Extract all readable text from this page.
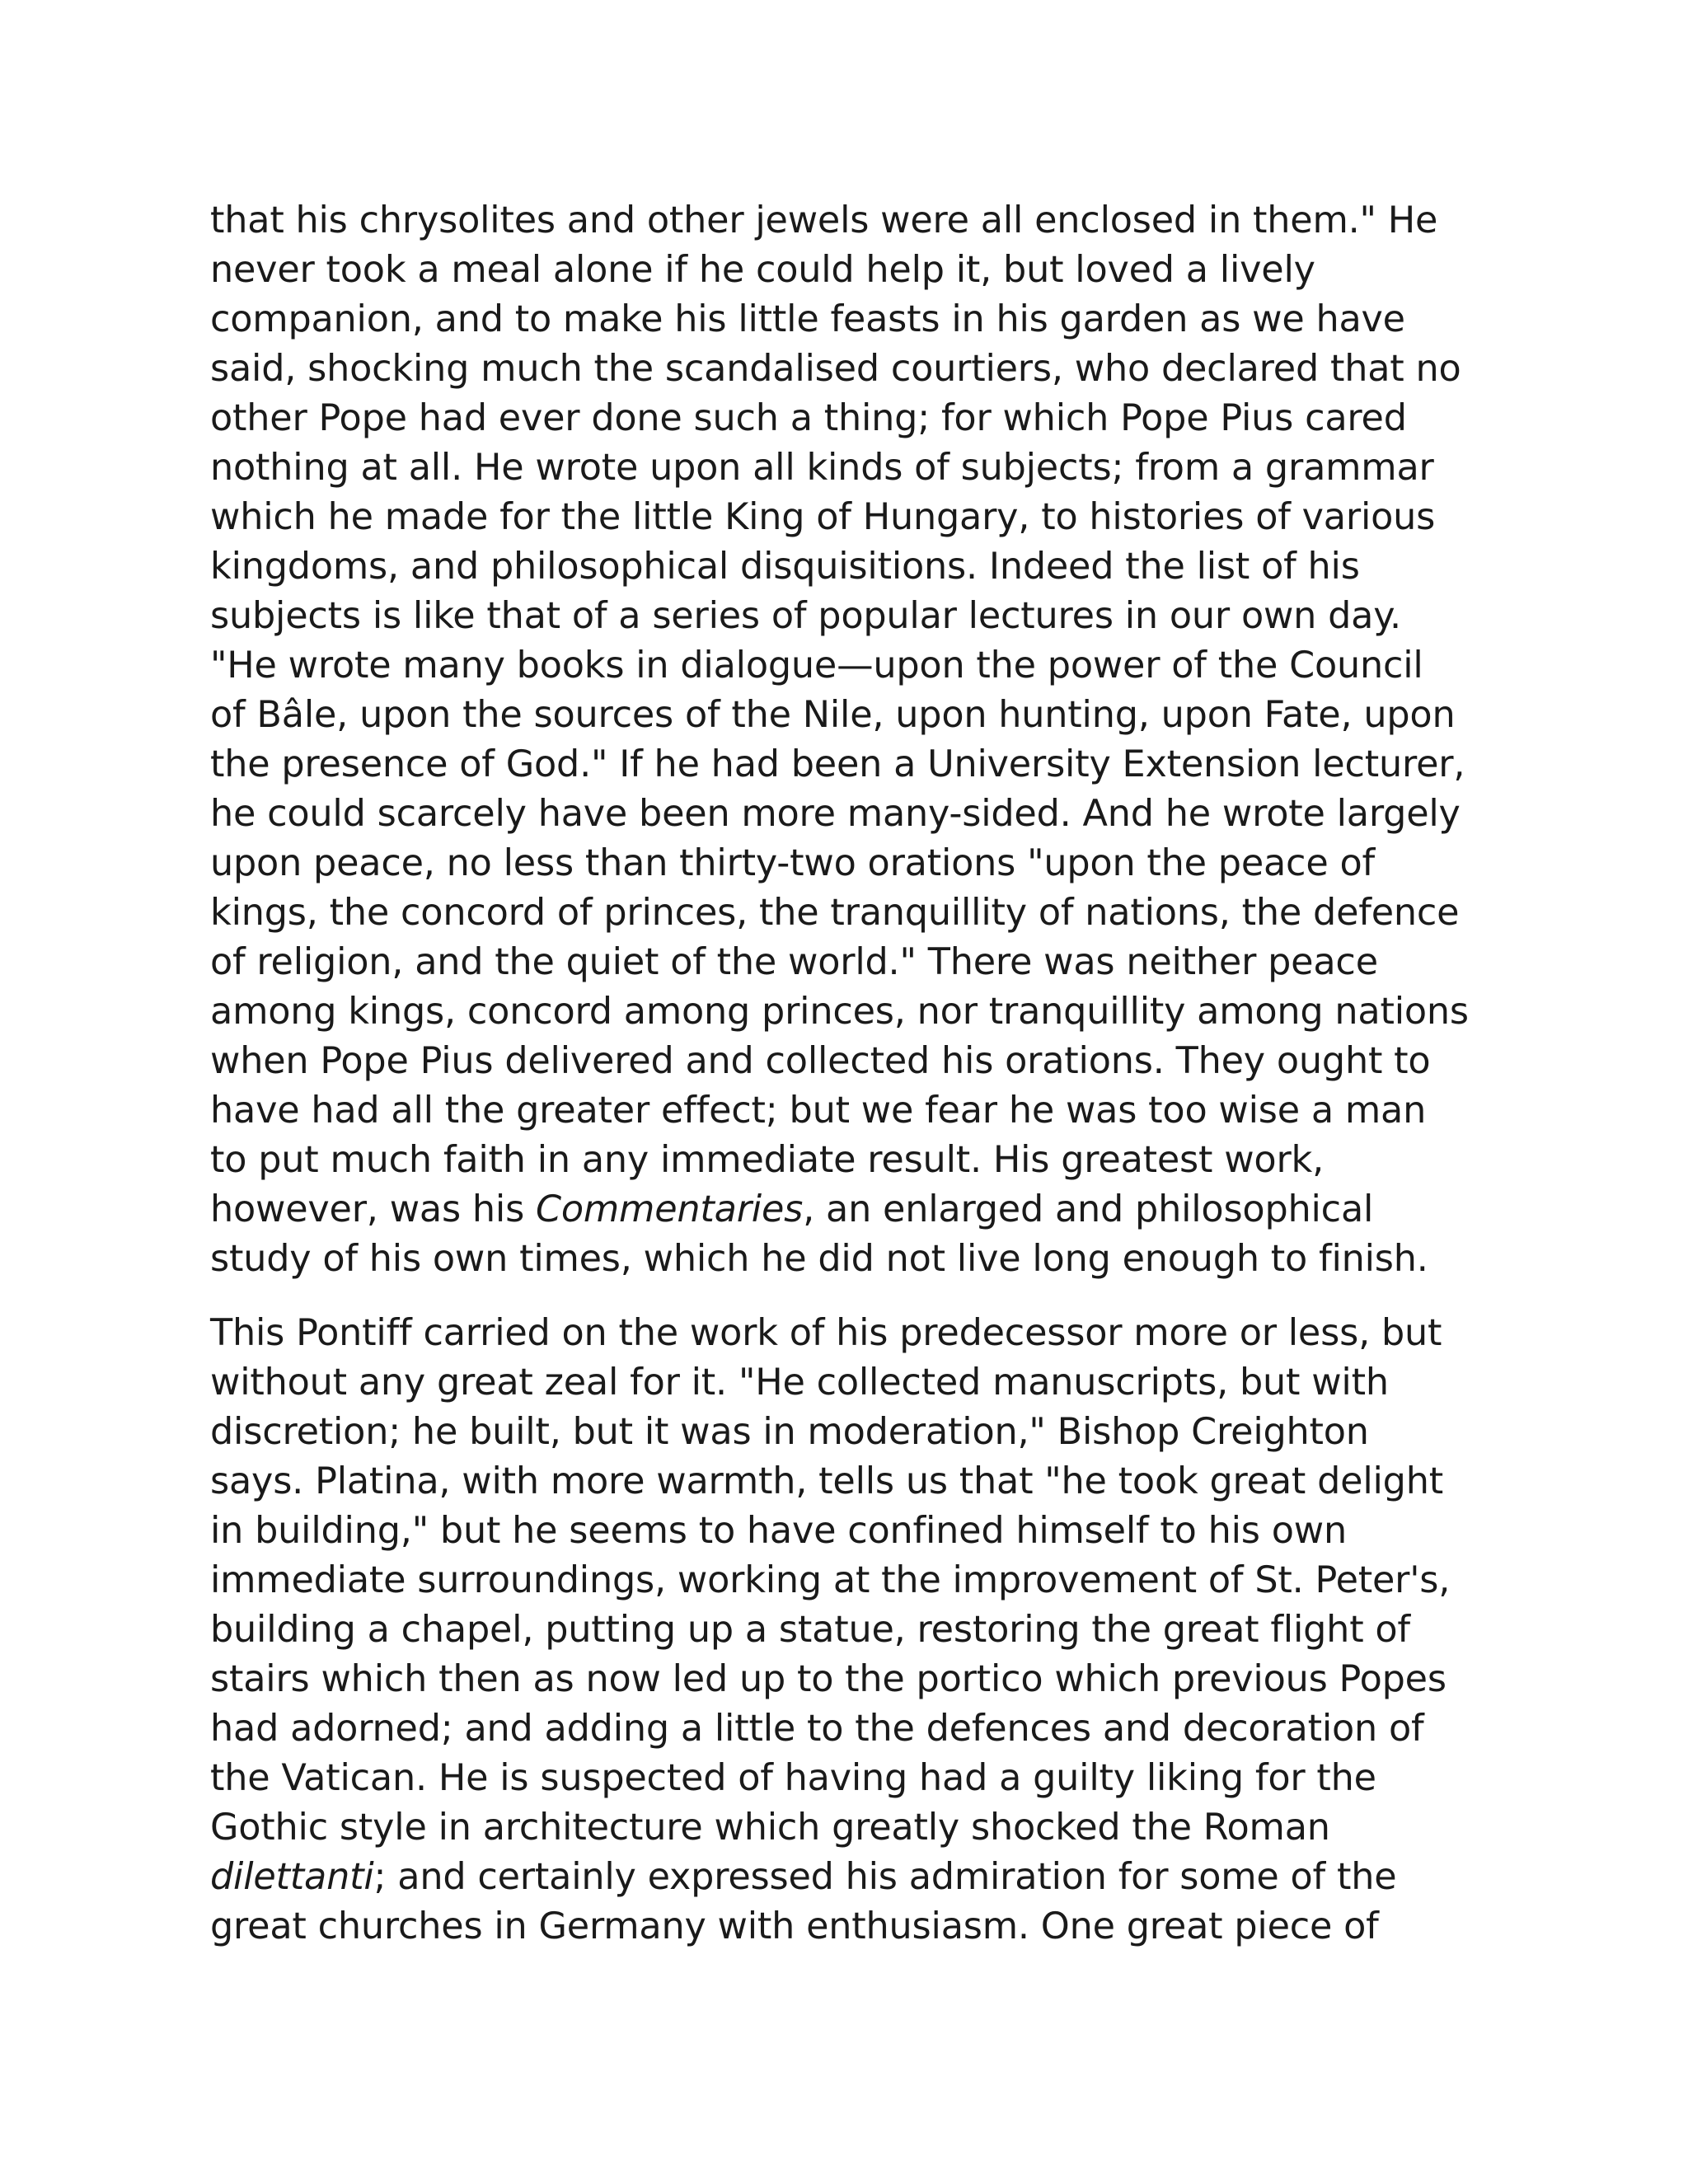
that his chrysolites and other jewels were all enclosed in them." He
never took a meal alone if he could help it, but loved a lively
companion, and to make his little feasts in his garden as we have
said, shocking much the scandalised courtiers, who declared that no
other Pope had ever done such a thing; for which Pope Pius cared
nothing at all. He wrote upon all kinds of subjects; from a grammar
which he made for the little King of Hungary, to histories of various
kingdoms, and philosophical disquisitions. Indeed the list of his
subjects is like that of a series of popular lectures in our own day.
"He wrote many books in dialogue—upon the power of the Council
of Bâle, upon the sources of the Nile, upon hunting, upon Fate, upon
the presence of God." If he had been a University Extension lecturer,
he could scarcely have been more many-sided. And he wrote largely
upon peace, no less than thirty-two orations "upon the peace of
kings, the concord of princes, the tranquillity of nations, the defence
of religion, and the quiet of the world." There was neither peace
among kings, concord among princes, nor tranquillity among nations
when Pope Pius delivered and collected his orations. They ought to
have had all the greater effect; but we fear he was too wise a man
to put much faith in any immediate result. His greatest work,
however, was his Commentaries, an enlarged and philosophical
study of his own times, which he did not live long enough to finish.
This Pontiff carried on the work of his predecessor more or less, but
without any great zeal for it. "He collected manuscripts, but with
discretion; he built, but it was in moderation," Bishop Creighton
says. Platina, with more warmth, tells us that "he took great delight
in building," but he seems to have confined himself to his own
immediate surroundings, working at the improvement of St. Peter's,
building a chapel, putting up a statue, restoring the great flight of
stairs which then as now led up to the portico which previous Popes
had adorned; and adding a little to the defences and decoration of
the Vatican. He is suspected of having had a guilty liking for the
Gothic style in architecture which greatly shocked the Roman
dilettanti; and certainly expressed his admiration for some of the
great churches in Germany with enthusiasm. One great piece of
